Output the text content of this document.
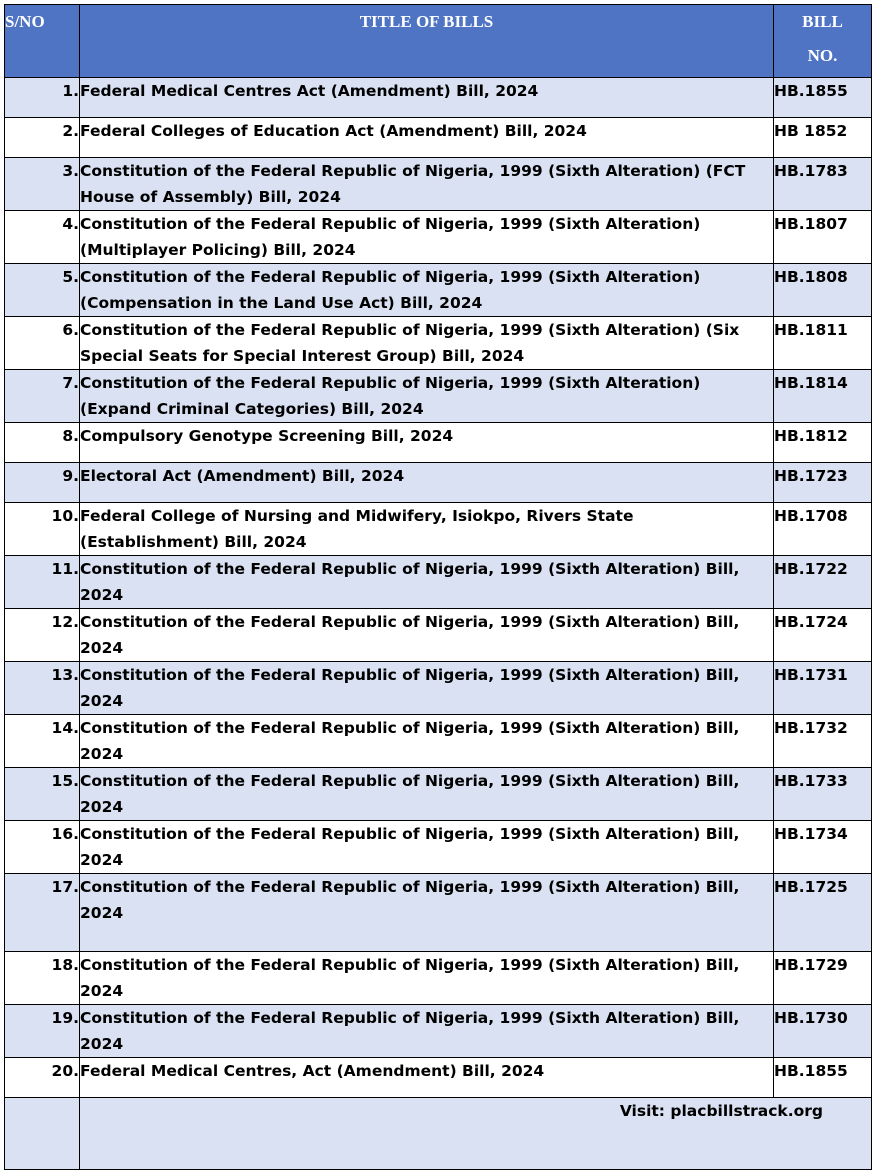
S/NO	TITLE OF BILLS	BILL
NO.

1.	Federal Medical Centres Act (Amendment) Bill, 2024	HB.1855
2.	Federal Colleges of Education Act (Amendment) Bill, 2024	HB 1852
3.	Constitution of the Federal Republic of Nigeria, 1999 (Sixth Alteration) (FCT House of Assembly) Bill, 2024	HB.1783
4.	Constitution of the Federal Republic of Nigeria, 1999 (Sixth Alteration) (Multiplayer Policing) Bill, 2024	HB.1807
5.	Constitution of the Federal Republic of Nigeria, 1999 (Sixth Alteration) (Compensation in the Land Use Act) Bill, 2024	HB.1808
6.	Constitution of the Federal Republic of Nigeria, 1999 (Sixth Alteration) (Six Special Seats for Special Interest Group) Bill, 2024	HB.1811
7.	Constitution of the Federal Republic of Nigeria, 1999 (Sixth Alteration) (Expand Criminal Categories) Bill, 2024	HB.1814
8.	Compulsory Genotype Screening Bill, 2024	HB.1812
9.	Electoral Act (Amendment) Bill, 2024	HB.1723
10.	Federal College of Nursing and Midwifery, Isiokpo, Rivers State (Establishment) Bill, 2024	HB.1708
11.	Constitution of the Federal Republic of Nigeria, 1999 (Sixth Alteration) Bill, 2024	HB.1722
12.	Constitution of the Federal Republic of Nigeria, 1999 (Sixth Alteration) Bill, 2024	HB.1724
13.	Constitution of the Federal Republic of Nigeria, 1999 (Sixth Alteration) Bill, 2024	HB.1731
14.	Constitution of the Federal Republic of Nigeria, 1999 (Sixth Alteration) Bill, 2024	HB.1732
15.	Constitution of the Federal Republic of Nigeria, 1999 (Sixth Alteration) Bill, 2024	HB.1733
16.	Constitution of the Federal Republic of Nigeria, 1999 (Sixth Alteration) Bill, 2024	HB.1734
17.	Constitution of the Federal Republic of Nigeria, 1999 (Sixth Alteration) Bill, 2024	HB.1725
18.	Constitution of the Federal Republic of Nigeria, 1999 (Sixth Alteration) Bill, 2024	HB.1729
19.	Constitution of the Federal Republic of Nigeria, 1999 (Sixth Alteration) Bill, 2024	HB.1730
20.	Federal Medical Centres, Act (Amendment) Bill, 2024	HB.1855
	Visit: placbillstrack.org	
